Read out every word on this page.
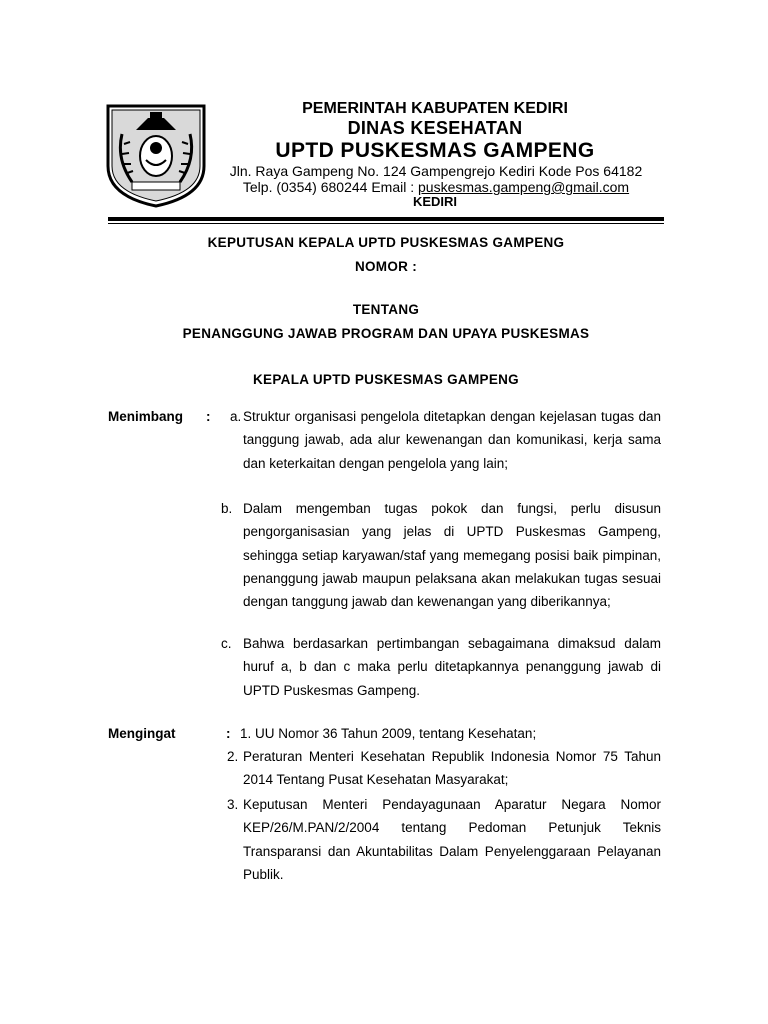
PEMERINTAH KABUPATEN KEDIRI
DINAS KESEHATAN
UPTD PUSKESMAS GAMPENG
Jln. Raya Gampeng No. 124 Gampengrejo Kediri Kode Pos 64182
Telp. (0354) 680244 Email : puskesmas.gampeng@gmail.com
KEDIRI
KEPUTUSAN KEPALA UPTD PUSKESMAS GAMPENG
NOMOR :
TENTANG
PENANGGUNG JAWAB PROGRAM DAN UPAYA PUSKESMAS
KEPALA UPTD PUSKESMAS GAMPENG
Menimbang : a. Struktur organisasi pengelola ditetapkan dengan kejelasan tugas dan tanggung jawab, ada alur kewenangan dan komunikasi, kerja sama dan keterkaitan dengan pengelola yang lain;
b. Dalam mengemban tugas pokok dan fungsi, perlu disusun pengorganisasian yang jelas di UPTD Puskesmas Gampeng, sehingga setiap karyawan/staf yang memegang posisi baik pimpinan, penanggung jawab maupun pelaksana akan melakukan tugas sesuai dengan tanggung jawab dan kewenangan yang diberikannya;
c. Bahwa berdasarkan pertimbangan sebagaimana dimaksud dalam huruf a, b dan c maka perlu ditetapkannya penanggung jawab di UPTD Puskesmas Gampeng.
Mengingat	: 1. UU Nomor 36 Tahun 2009, tentang Kesehatan;
2. Peraturan Menteri Kesehatan Republik Indonesia Nomor 75 Tahun 2014 Tentang Pusat Kesehatan Masyarakat;
3. Keputusan Menteri Pendayagunaan Aparatur Negara Nomor KEP/26/M.PAN/2/2004 tentang Pedoman Petunjuk Teknis Transparansi dan Akuntabilitas Dalam Penyelenggaraan Pelayanan Publik.
